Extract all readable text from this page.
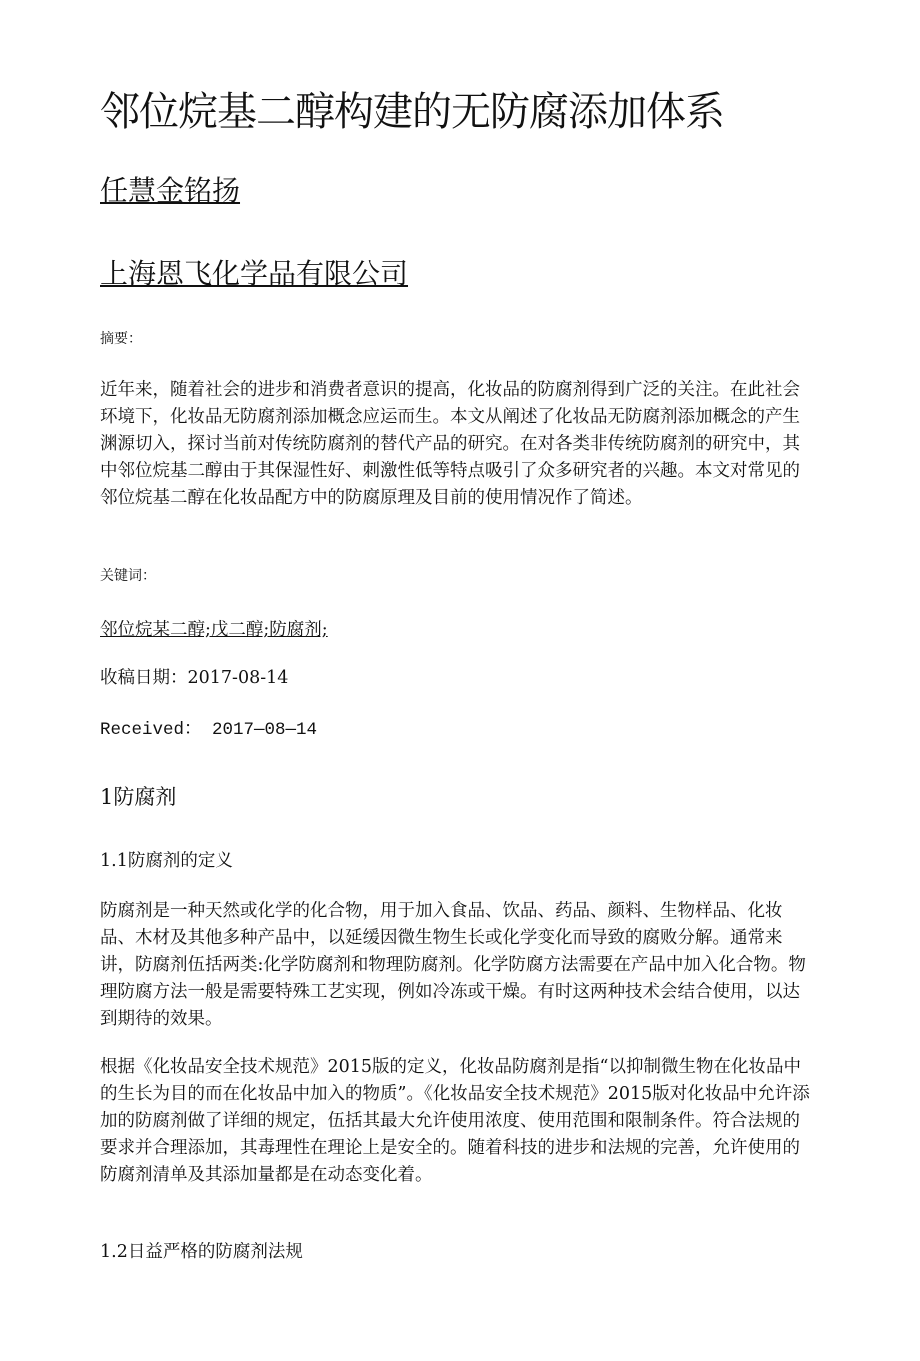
邻位烷基二醇构建的无防腐添加体系
任慧金铭扬
上海恩飞化学品有限公司
摘要：

近年来，随着社会的进步和消费者意识的提高，化妆品的防腐剂得到广泛的关注。在此社会环境下，化妆品无防腐剂添加概念应运而生。本文从阐述了化妆品无防腐剂添加概念的产生渊源切入，探讨当前对传统防腐剂的替代产品的研究。在对各类非传统防腐剂的研究中，其中邻位烷基二醇由于其保湿性好、刺激性低等特点吸引了众多研究者的兴趣。本文对常见的邻位烷基二醇在化妆品配方中的防腐原理及目前的使用情况作了简述。

关键词：
邻位烷某二醇;戊二醇;防腐剂;
收稿日期：2017-08-14
Received： 2017—08—14
1防腐剂
1.1防腐剂的定义

防腐剂是一种天然或化学的化合物，用于加入食品、饮品、药品、颜料、生物样品、化妆品、木材及其他多种产品中，以延缓因微生物生长或化学变化而导致的腐败分解。通常来讲，防腐剂伍括两类:化学防腐剂和物理防腐剂。化学防腐方法需要在产品中加入化合物。物理防腐方法一般是需要特殊工艺实现，例如冷冻或干燥。有时这两种技术会结合使用，以达到期待的效果。

根据《化妆品安全技术规范》2015版的定义，化妆品防腐剂是指“以抑制微生物在化妆品中的生长为目的而在化妆品中加入的物质”。《化妆品安全技术规范》2015版对化妆品中允许添加的防腐剂做了详细的规定，伍括其最大允许使用浓度、使用范围和限制条件。符合法规的要求并合理添加，其毒理性在理论上是安全的。随着科技的进步和法规的完善，允许使用的防腐剂清单及其添加量都是在动态变化着。

1.2日益严格的防腐剂法规
